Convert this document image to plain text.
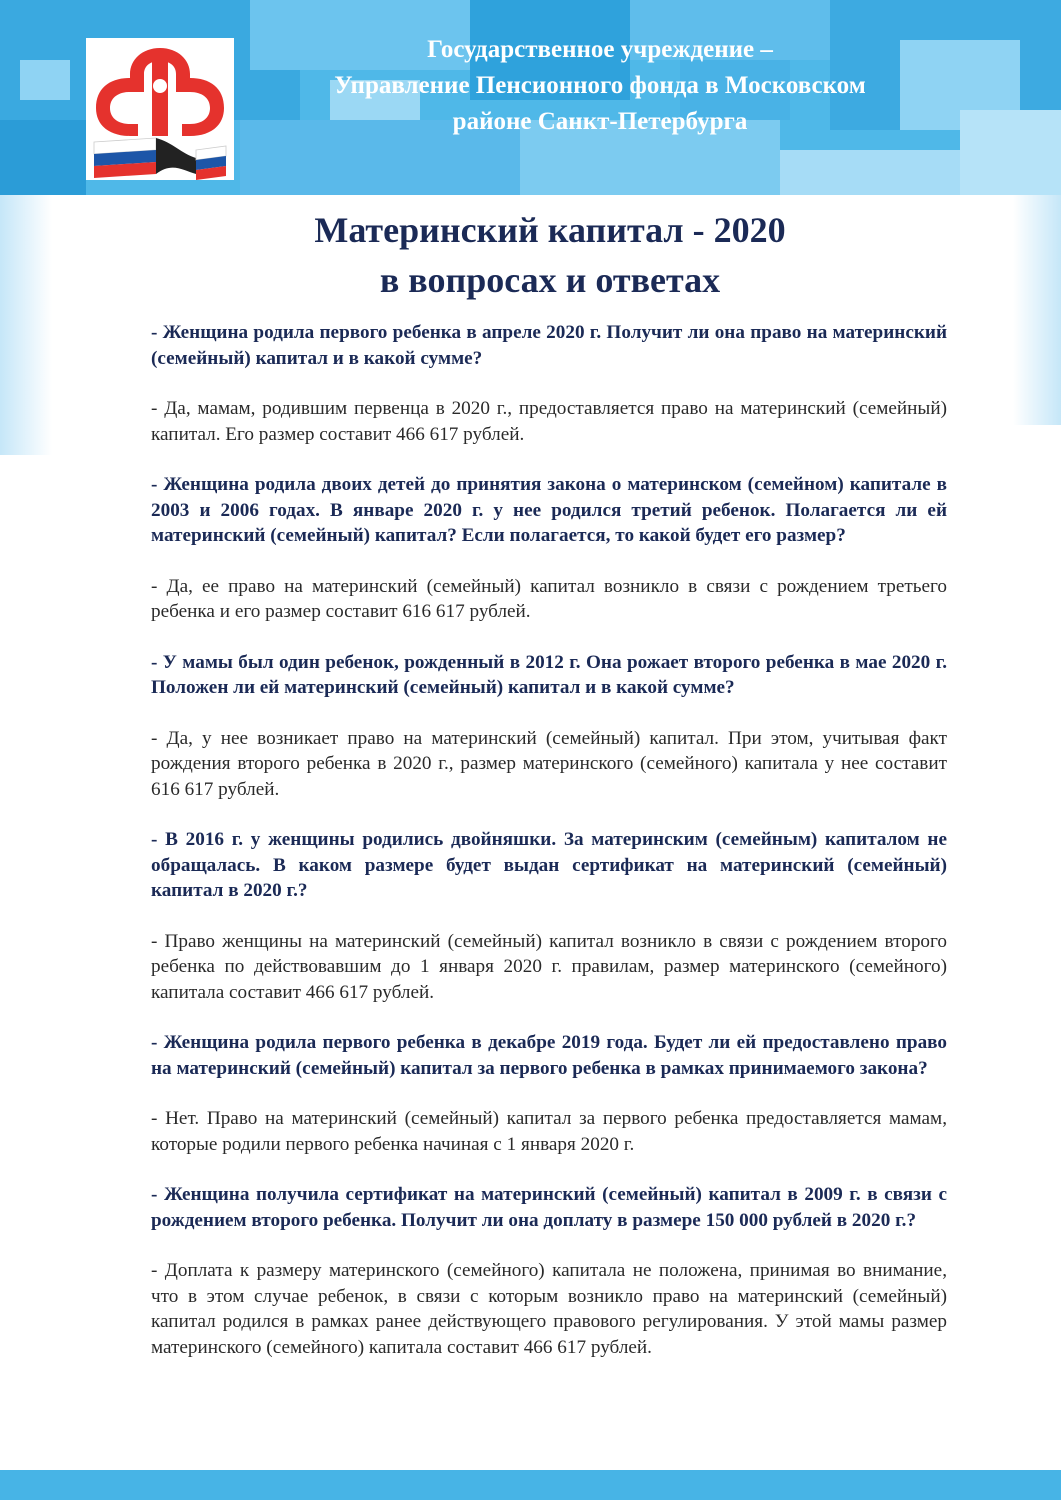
Государственное учреждение –
Управление Пенсионного фонда в Московском
районе Санкт-Петербурга
Материнский капитал - 2020
в вопросах и ответах

- Женщина родила первого ребенка в апреле 2020 г. Получит ли она право на материнский (семейный) капитал и в какой сумме?

- Да, мамам, родившим первенца в 2020 г., предоставляется право на материнский (семейный) капитал. Его размер составит 466 617 рублей.

- Женщина родила двоих детей до принятия закона о материнском (семейном) капитале в 2003 и 2006 годах. В январе 2020 г. у нее родился третий ребенок. Полагается ли ей материнский (семейный) капитал? Если полагается, то какой будет его размер?

- Да, ее право на материнский (семейный) капитал возникло в связи с рождением третьего ребенка и его размер составит 616 617 рублей.

- У мамы был один ребенок, рожденный в 2012 г. Она рожает второго ребенка в мае 2020 г. Положен ли ей материнский (семейный) капитал и в какой сумме?

- Да, у нее возникает право на материнский (семейный) капитал. При этом, учитывая факт рождения второго ребенка в 2020 г., размер материнского (семейного) капитала у нее составит 616 617 рублей.

- В 2016 г. у женщины родились двойняшки. За материнским (семейным) капиталом не обращалась. В каком размере будет выдан сертификат на материнский (семейный) капитал в 2020 г.?

- Право женщины на материнский (семейный) капитал возникло в связи с рождением второго ребенка по действовавшим до 1 января 2020 г. правилам, размер материнского (семейного) капитала составит 466 617 рублей.

- Женщина родила первого ребенка в декабре 2019 года. Будет ли ей предоставлено право на материнский (семейный) капитал за первого ребенка в рамках принимаемого закона?

- Нет. Право на материнский (семейный) капитал за первого ребенка предоставляется мамам, которые родили первого ребенка начиная с 1 января 2020 г.

- Женщина получила сертификат на материнский (семейный) капитал в 2009 г. в связи с рождением второго ребенка. Получит ли она доплату в размере 150 000 рублей в 2020 г.?

- Доплата к размеру материнского (семейного) капитала не положена, принимая во внимание, что в этом случае ребенок, в связи с которым возникло право на материнский (семейный) капитал родился в рамках ранее действующего правового регулирования. У этой мамы размер материнского (семейного) капитала составит 466 617 рублей.
